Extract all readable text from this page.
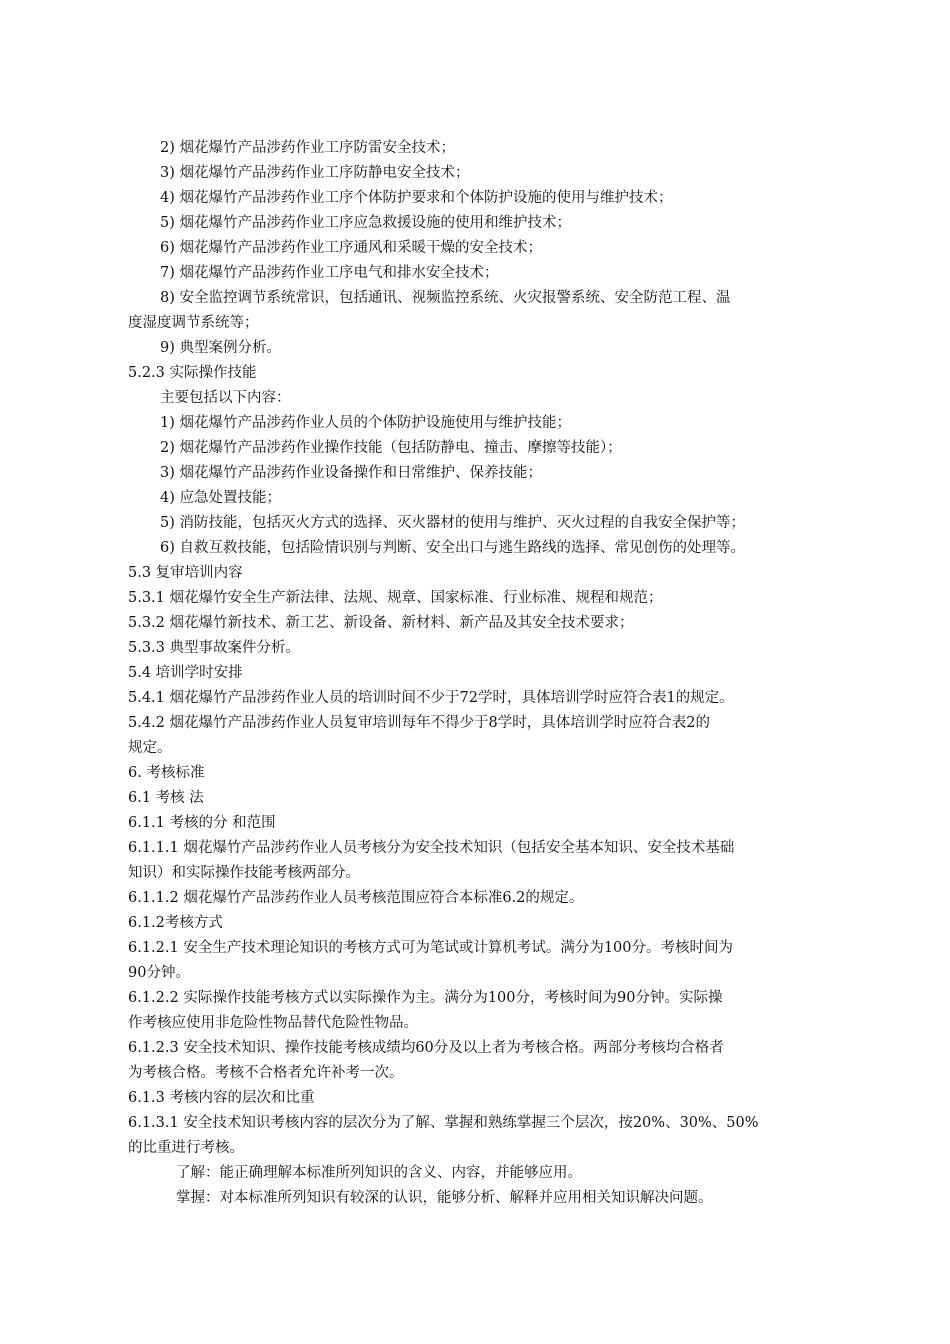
2) 烟花爆竹产品涉药作业工序防雷安全技术；
3) 烟花爆竹产品涉药作业工序防静电安全技术；
4) 烟花爆竹产品涉药作业工序个体防护要求和个体防护设施的使用与维护技术；
5) 烟花爆竹产品涉药作业工序应急救援设施的使用和维护技术；
6) 烟花爆竹产品涉药作业工序通风和采暖干燥的安全技术；
7) 烟花爆竹产品涉药作业工序电气和排水安全技术；
8) 安全监控调节系统常识，包括通讯、视频监控系统、火灾报警系统、安全防范工程、温
度湿度调节系统等；
9) 典型案例分析。
5.2.3 实际操作技能
主要包括以下内容：
1) 烟花爆竹产品涉药作业人员的个体防护设施使用与维护技能；
2) 烟花爆竹产品涉药作业操作技能（包括防静电、撞击、摩擦等技能）；
3) 烟花爆竹产品涉药作业设备操作和日常维护、保养技能；
4) 应急处置技能；
5) 消防技能，包括灭火方式的选择、灭火器材的使用与维护、灭火过程的自我安全保护等；
6) 自救互救技能，包括险情识别与判断、安全出口与逃生路线的选择、常见创伤的处理等。
5.3 复审培训内容
5.3.1 烟花爆竹安全生产新法律、法规、规章、国家标准、行业标准、规程和规范；
5.3.2 烟花爆竹新技术、新工艺、新设备、新材料、新产品及其安全技术要求；
5.3.3 典型事故案件分析。
5.4 培训学时安排
5.4.1 烟花爆竹产品涉药作业人员的培训时间不少于72学时，具体培训学时应符合表1的规定。
5.4.2 烟花爆竹产品涉药作业人员复审培训每年不得少于8学时，具体培训学时应符合表2的
规定。
6. 考核标准
6.1 考核 法
6.1.1 考核的分 和范围
6.1.1.1 烟花爆竹产品涉药作业人员考核分为安全技术知识（包括安全基本知识、安全技术基础
知识）和实际操作技能考核两部分。
6.1.1.2 烟花爆竹产品涉药作业人员考核范围应符合本标准6.2的规定。
6.1.2考核方式
6.1.2.1 安全生产技术理论知识的考核方式可为笔试或计算机考试。满分为100分。考核时间为
90分钟。
6.1.2.2 实际操作技能考核方式以实际操作为主。满分为100分，考核时间为90分钟。实际操
作考核应使用非危险性物品替代危险性物品。
6.1.2.3 安全技术知识、操作技能考核成绩均60分及以上者为考核合格。两部分考核均合格者
为考核合格。考核不合格者允许补考一次。
6.1.3 考核内容的层次和比重
6.1.3.1 安全技术知识考核内容的层次分为了解、掌握和熟练掌握三个层次，按20%、30%、50%
的比重进行考核。
了解：能正确理解本标准所列知识的含义、内容，并能够应用。
掌握：对本标准所列知识有较深的认识，能够分析、解释并应用相关知识解决问题。
